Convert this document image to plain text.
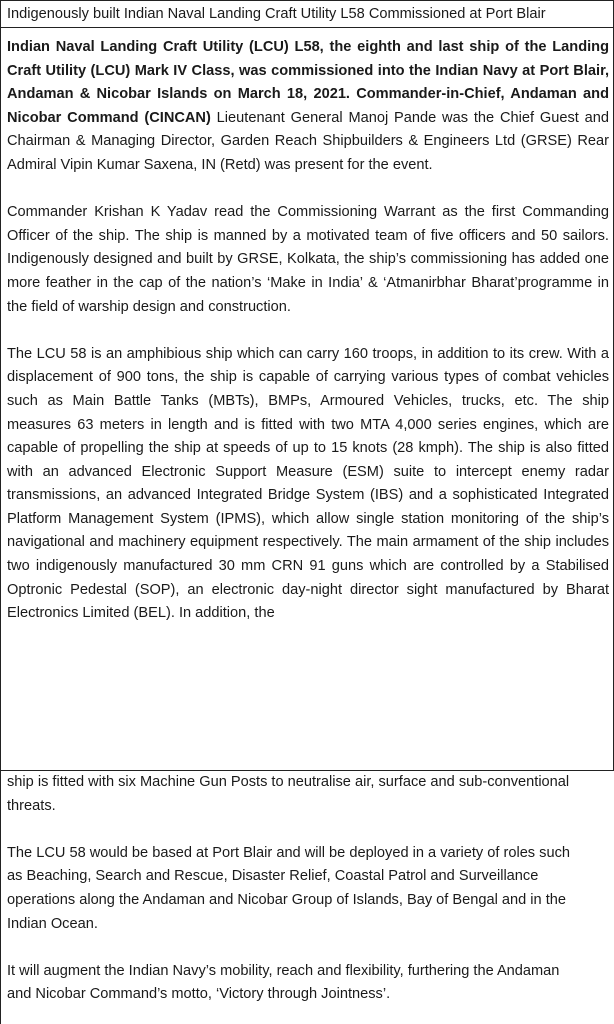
Indigenously built Indian Naval Landing Craft Utility L58 Commissioned at Port Blair

Indian Naval Landing Craft Utility (LCU) L58, the eighth and last ship of the Landing Craft Utility (LCU) Mark IV Class, was commissioned into the Indian Navy at Port Blair, Andaman & Nicobar Islands on March 18, 2021. Commander-in-Chief, Andaman and Nicobar Command (CINCAN) Lieutenant General Manoj Pande was the Chief Guest and Chairman & Managing Director, Garden Reach Shipbuilders & Engineers Ltd (GRSE) Rear Admiral Vipin Kumar Saxena, IN (Retd) was present for the event.

Commander Krishan K Yadav read the Commissioning Warrant as the first Commanding Officer of the ship. The ship is manned by a motivated team of five officers and 50 sailors. Indigenously designed and built by GRSE, Kolkata, the ship’s commissioning has added one more feather in the cap of the nation’s ‘Make in India’ & ‘Atmanirbhar Bharat’programme in the field of warship design and construction.

The LCU 58 is an amphibious ship which can carry 160 troops, in addition to its crew. With a displacement of 900 tons, the ship is capable of carrying various types of combat vehicles such as Main Battle Tanks (MBTs), BMPs, Armoured Vehicles, trucks, etc. The ship measures 63 meters in length and is fitted with two MTA 4,000 series engines, which are capable of propelling the ship at speeds of up to 15 knots (28 kmph). The ship is also fitted with an advanced Electronic Support Measure (ESM) suite to intercept enemy radar transmissions, an advanced Integrated Bridge System (IBS) and a sophisticated Integrated Platform Management System (IPMS), which allow single station monitoring of the ship’s navigational and machinery equipment respectively. The main armament of the ship includes two indigenously manufactured 30 mm CRN 91 guns which are controlled by a Stabilised Optronic Pedestal (SOP), an electronic day-night director sight manufactured by Bharat Electronics Limited (BEL). In addition, the

ship is fitted with six Machine Gun Posts to neutralise air, surface and sub-conventional
threats.

The LCU 58 would be based at Port Blair and will be deployed in a variety of roles such
as Beaching, Search and Rescue, Disaster Relief, Coastal Patrol and Surveillance
operations along the Andaman and Nicobar Group of Islands, Bay of Bengal and in the
Indian Ocean.

It will augment the Indian Navy’s mobility, reach and flexibility, furthering the Andaman
and Nicobar Command’s motto, ‘Victory through Jointness’.
